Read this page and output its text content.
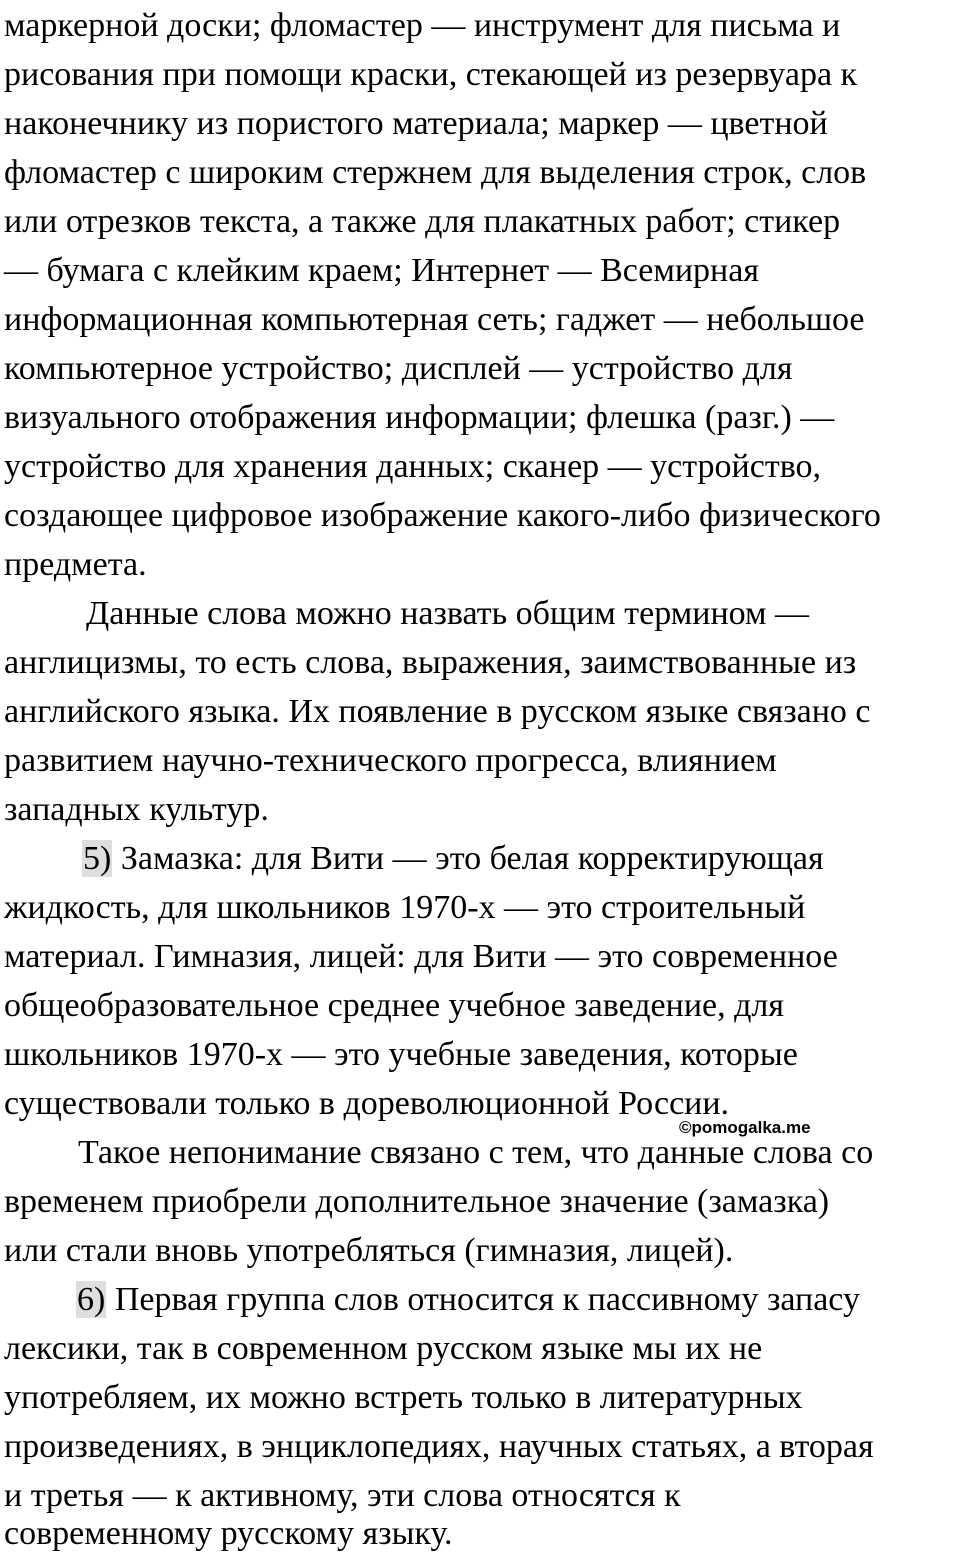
маркерной доски; фломастер — инструмент для письма и
рисования при помощи краски, стекающей из резервуара к
наконечнику из пористого материала; маркер — цветной
фломастер с широким стержнем для выделения строк, слов
или отрезков текста, а также для плакатных работ; стикер
— бумага с клейким краем; Интернет — Всемирная
информационная компьютерная сеть; гаджет — небольшое
компьютерное устройство; дисплей — устройство для
визуального отображения информации; флешка (разг.) —
устройство для хранения данных; сканер — устройство,
создающее цифровое изображение какого-либо физического
предмета.
Данные слова можно назвать общим термином —
англицизмы, то есть слова, выражения, заимствованные из
английского языка. Их появление в русском языке связано с
развитием научно-технического прогресса, влиянием
западных культур.
5) Замазка: для Вити — это белая корректирующая
жидкость, для школьников 1970-х — это строительный
материал. Гимназия, лицей: для Вити — это современное
общеобразовательное среднее учебное заведение, для
школьников 1970-х — это учебные заведения, которые
существовали только в дореволюционной России.
©pomogalka.me
Такое непонимание связано с тем, что данные слова со
временем приобрели дополнительное значение (замазка)
или стали вновь употребляться (гимназия, лицей).
6) Первая группа слов относится к пассивному запасу
лексики, так в современном русском языке мы их не
употребляем, их можно встреть только в литературных
произведениях, в энциклопедиях, научных статьях, а вторая
и третья — к активному, эти слова относятся к
современному русскому языку.
